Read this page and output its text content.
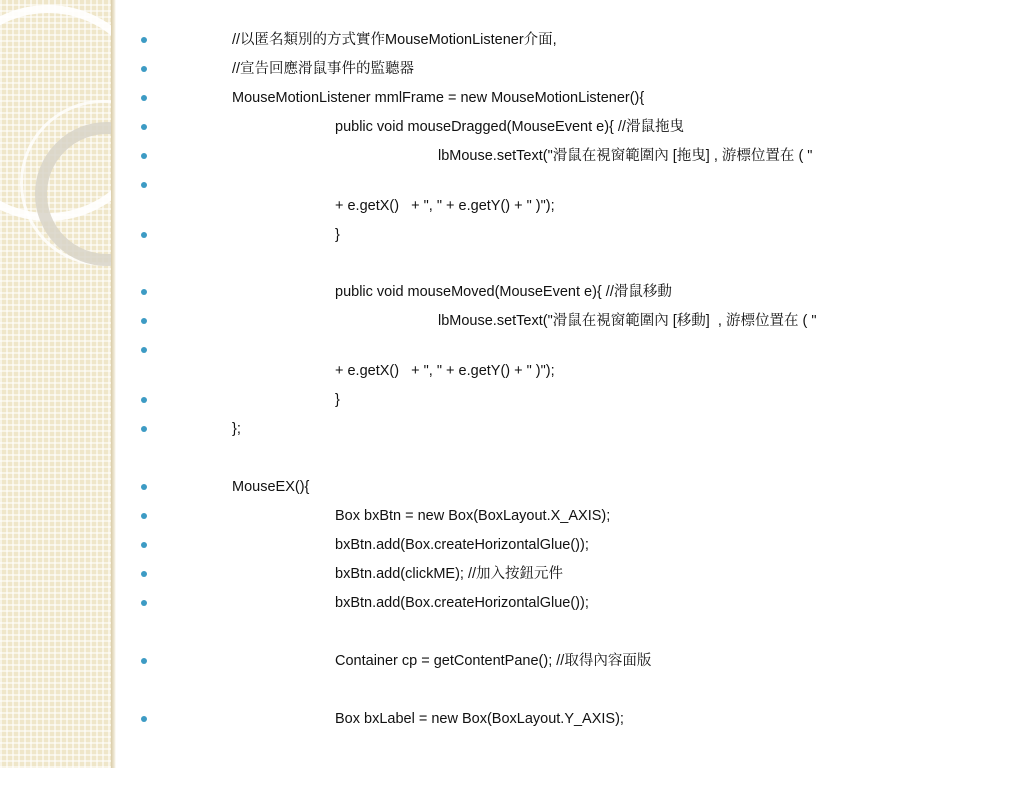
//以匿名類別的方式實作MouseMotionListener介面,

//宣告回應滑鼠事件的監聽器

MouseMotionListener mmlFrame = new MouseMotionListener(){

public void mouseDragged(MouseEvent e){ //滑鼠拖曳

lbMouse.setText("滑鼠在視窗範圍內 [拖曳] , 游標位置在 ( "

+ e.getX()   + ", " + e.getY() + " )");

}

public void mouseMoved(MouseEvent e){ //滑鼠移動

lbMouse.setText("滑鼠在視窗範圍內 [移動]  , 游標位置在 ( "

+ e.getX()   + ", " + e.getY() + " )");

}

};

MouseEX(){

Box bxBtn = new Box(BoxLayout.X_AXIS);

bxBtn.add(Box.createHorizontalGlue());

bxBtn.add(clickME); //加入按鈕元件

bxBtn.add(Box.createHorizontalGlue());

Container cp = getContentPane(); //取得內容面版

Box bxLabel = new Box(BoxLayout.Y_AXIS);
